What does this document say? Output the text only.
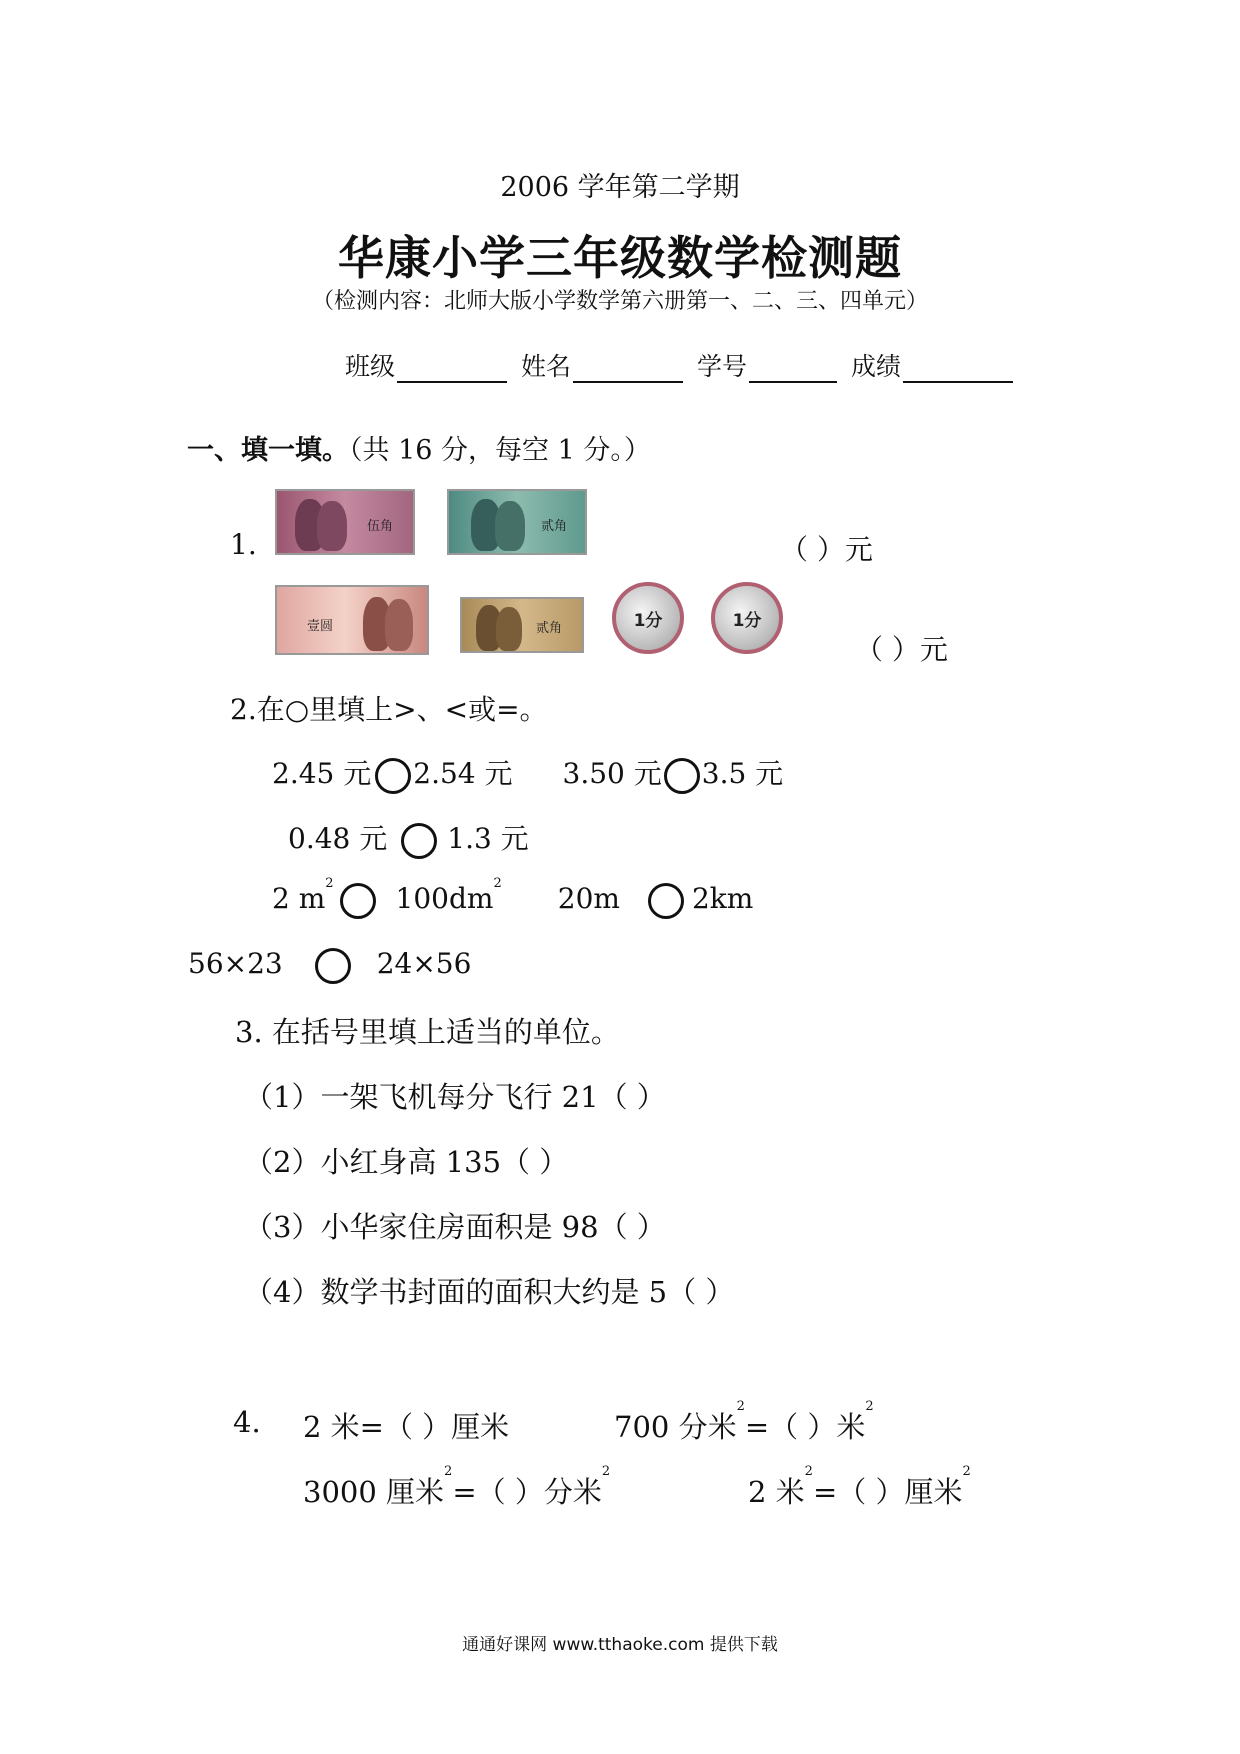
2006 学年第二学期
华康小学三年级数学检测题
（检测内容：北师大版小学数学第六册第一、二、三、四单元）
班级	姓名	学号	成绩
一、填一填。（共 16 分，每空 1 分。）
1.
伍角	贰角
（ ）元
壹圆	贰角	1分	1分
（ ）元
2.在○里填上>、<或=。
2.45 元 2.54 元 3.50 元 3.5 元
0.48 元 1.3 元
2 $m^2$ $100dm^2$ 20m	2km
56×23	24×56
3. 在括号里填上适当的单位。
（1）一架飞机每分飞行 21（ ）
（2）小红身高 135（ ）
（3）小华家住房面积是 98（ ）
（4）数学书封面的面积大约是 5（ ）
4. 2 米=（ ）厘米	700 分米$^2$=（ ）米$^2$
3000 厘米$^2$=（ ）分米$^2$
2 米$^2$=（ ）厘米$^2$
通通好课网 www.tthaoke.com 提供下载
